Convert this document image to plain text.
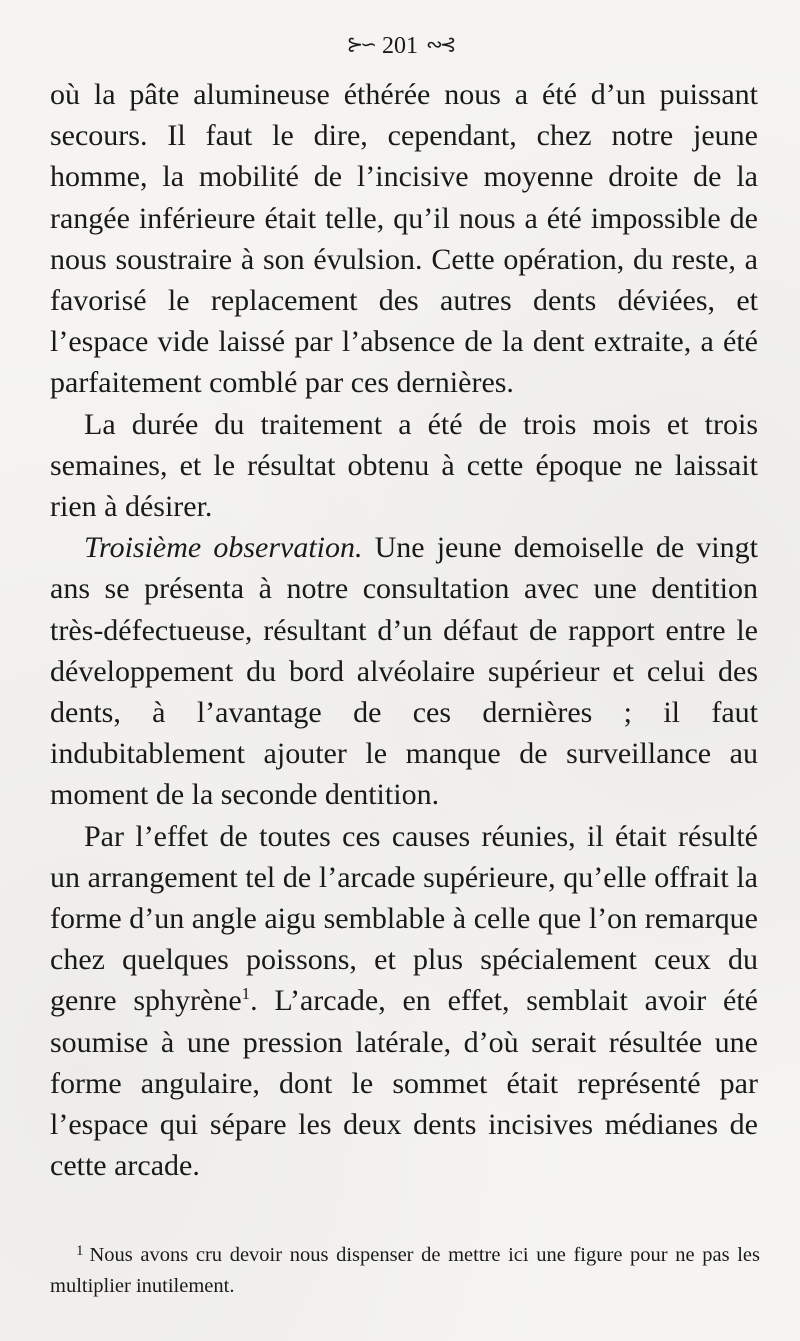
⊱∽ 201 ∾⊰

où la pâte alumineuse éthérée nous a été d’un puissant secours. Il faut le dire, cependant, chez notre jeune homme, la mobilité de l’incisive moyenne droite de la rangée inférieure était telle, qu’il nous a été impossible de nous soustraire à son évulsion. Cette opération, du reste, a favorisé le replacement des autres dents déviées, et l’espace vide laissé par l’absence de la dent extraite, a été parfaitement comblé par ces dernières.

La durée du traitement a été de trois mois et trois semaines, et le résultat obtenu à cette époque ne laissait rien à désirer.

Troisième observation. Une jeune demoiselle de vingt ans se présenta à notre consultation avec une dentition très-défectueuse, résultant d’un défaut de rapport entre le développement du bord alvéolaire supérieur et celui des dents, à l’avantage de ces dernières ; il faut indubitablement ajouter le manque de surveillance au moment de la seconde dentition.

Par l’effet de toutes ces causes réunies, il était résulté un arrangement tel de l’arcade supérieure, qu’elle offrait la forme d’un angle aigu semblable à celle que l’on remarque chez quelques poissons, et plus spécialement ceux du genre sphyrène$^1$. L’arcade, en effet, semblait avoir été soumise à une pression latérale, d’où serait résultée une forme angulaire, dont le sommet était représenté par l’espace qui sépare les deux dents incisives médianes de cette arcade.

$^1$ Nous avons cru devoir nous dispenser de mettre ici une figure pour ne pas les multiplier inutilement.
